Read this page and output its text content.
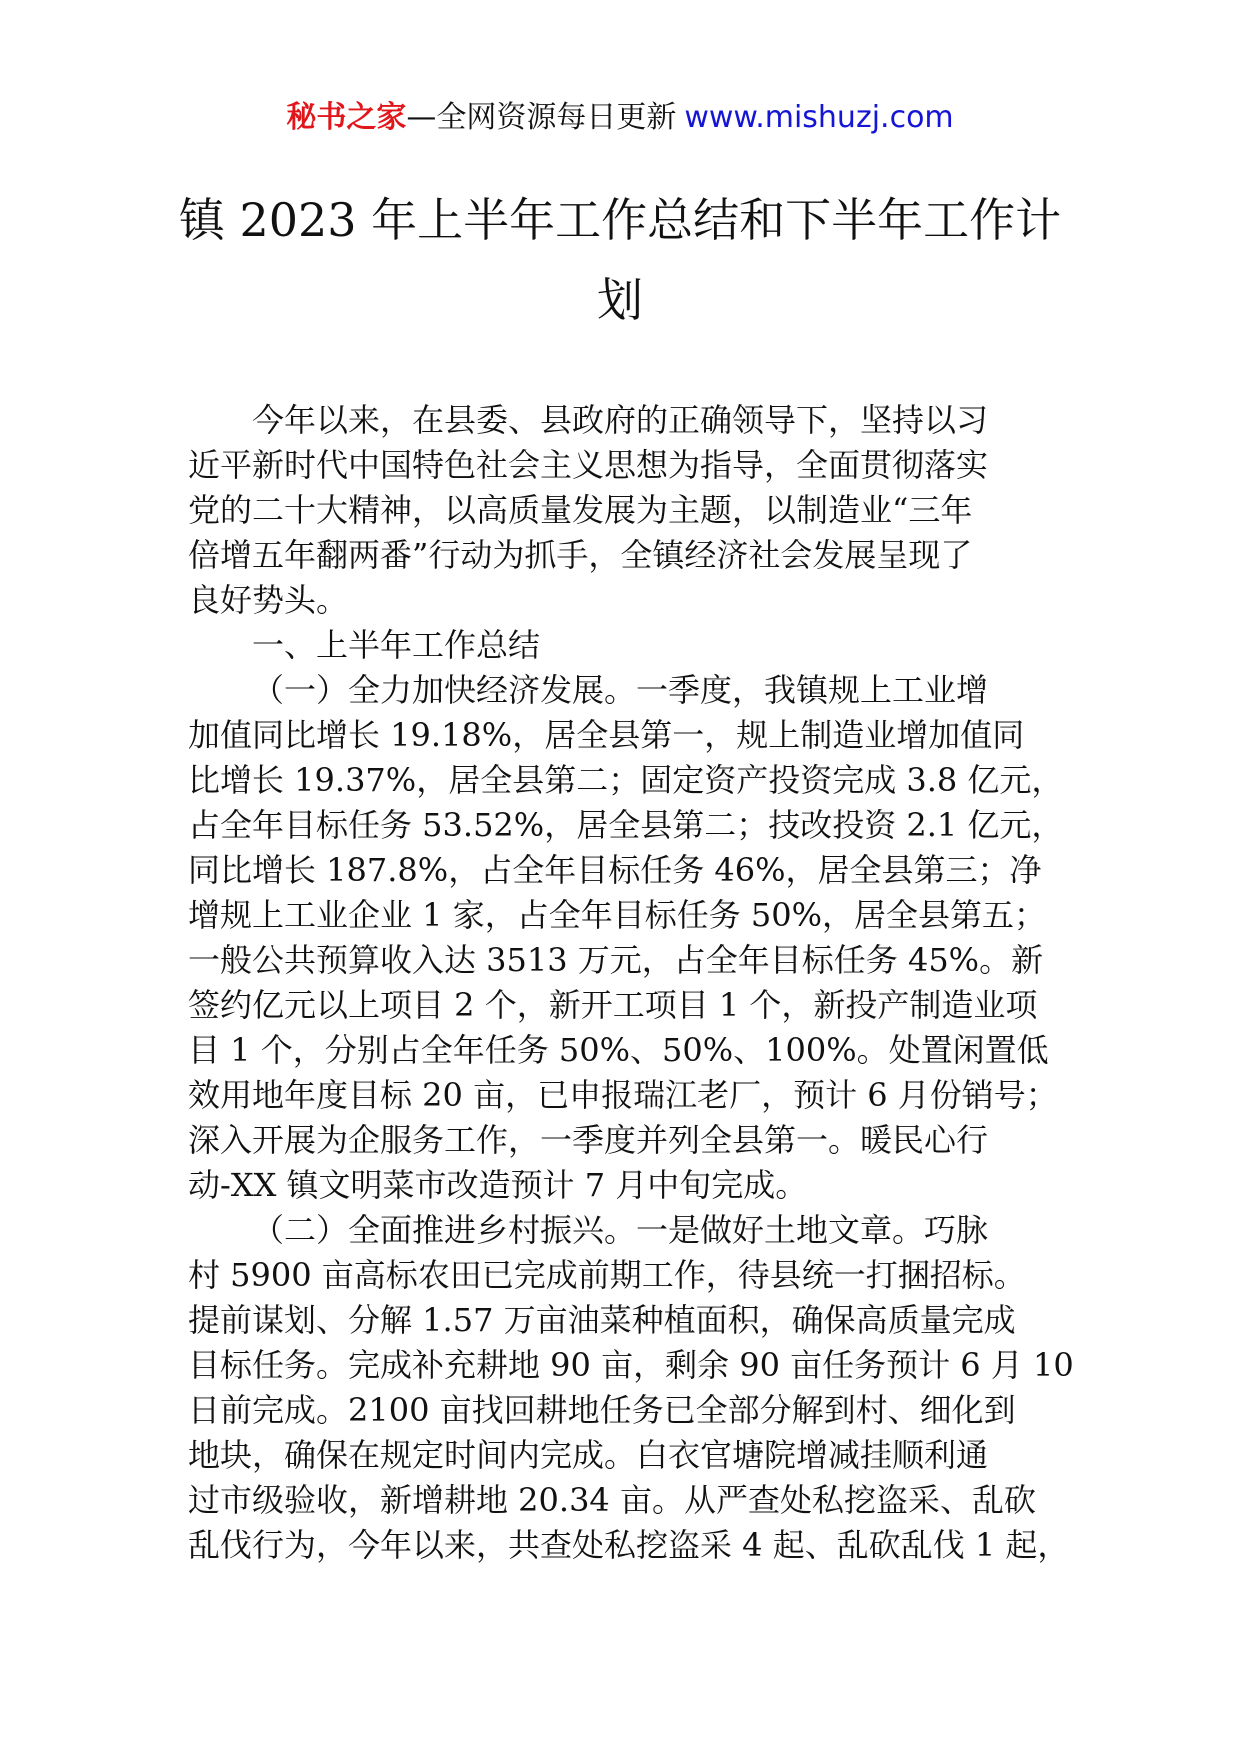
秘书之家—全网资源每日更新 www.mishuzj.com
镇 2023 年上半年工作总结和下半年工作计
划

今年以来，在县委、县政府的正确领导下，坚持以习
近平新时代中国特色社会主义思想为指导，全面贯彻落实
党的二十大精神，以高质量发展为主题，以制造业“三年
倍增五年翻两番”行动为抓手，全镇经济社会发展呈现了
良好势头。

一、上半年工作总结

（一）全力加快经济发展。一季度，我镇规上工业增
加值同比增长 19.18%，居全县第一，规上制造业增加值同
比增长 19.37%，居全县第二；固定资产投资完成 3.8 亿元，
占全年目标任务 53.52%，居全县第二；技改投资 2.1 亿元，
同比增长 187.8%，占全年目标任务 46%，居全县第三；净
增规上工业企业 1 家，占全年目标任务 50%，居全县第五；
一般公共预算收入达 3513 万元，占全年目标任务 45%。新
签约亿元以上项目 2 个，新开工项目 1 个，新投产制造业项
目 1 个，分别占全年任务 50%、50%、100%。处置闲置低
效用地年度目标 20 亩，已申报瑞江老厂，预计 6 月份销号；
深入开展为企服务工作，一季度并列全县第一。暖民心行
动-XX 镇文明菜市改造预计 7 月中旬完成。

（二）全面推进乡村振兴。一是做好土地文章。巧脉
村 5900 亩高标农田已完成前期工作，待县统一打捆招标。
提前谋划、分解 1.57 万亩油菜种植面积，确保高质量完成
目标任务。完成补充耕地 90 亩，剩余 90 亩任务预计 6 月 10
日前完成。2100 亩找回耕地任务已全部分解到村、细化到
地块，确保在规定时间内完成。白衣官塘院增减挂顺利通
过市级验收，新增耕地 20.34 亩。从严查处私挖盗采、乱砍
乱伐行为，今年以来，共查处私挖盗采 4 起、乱砍乱伐 1 起，
